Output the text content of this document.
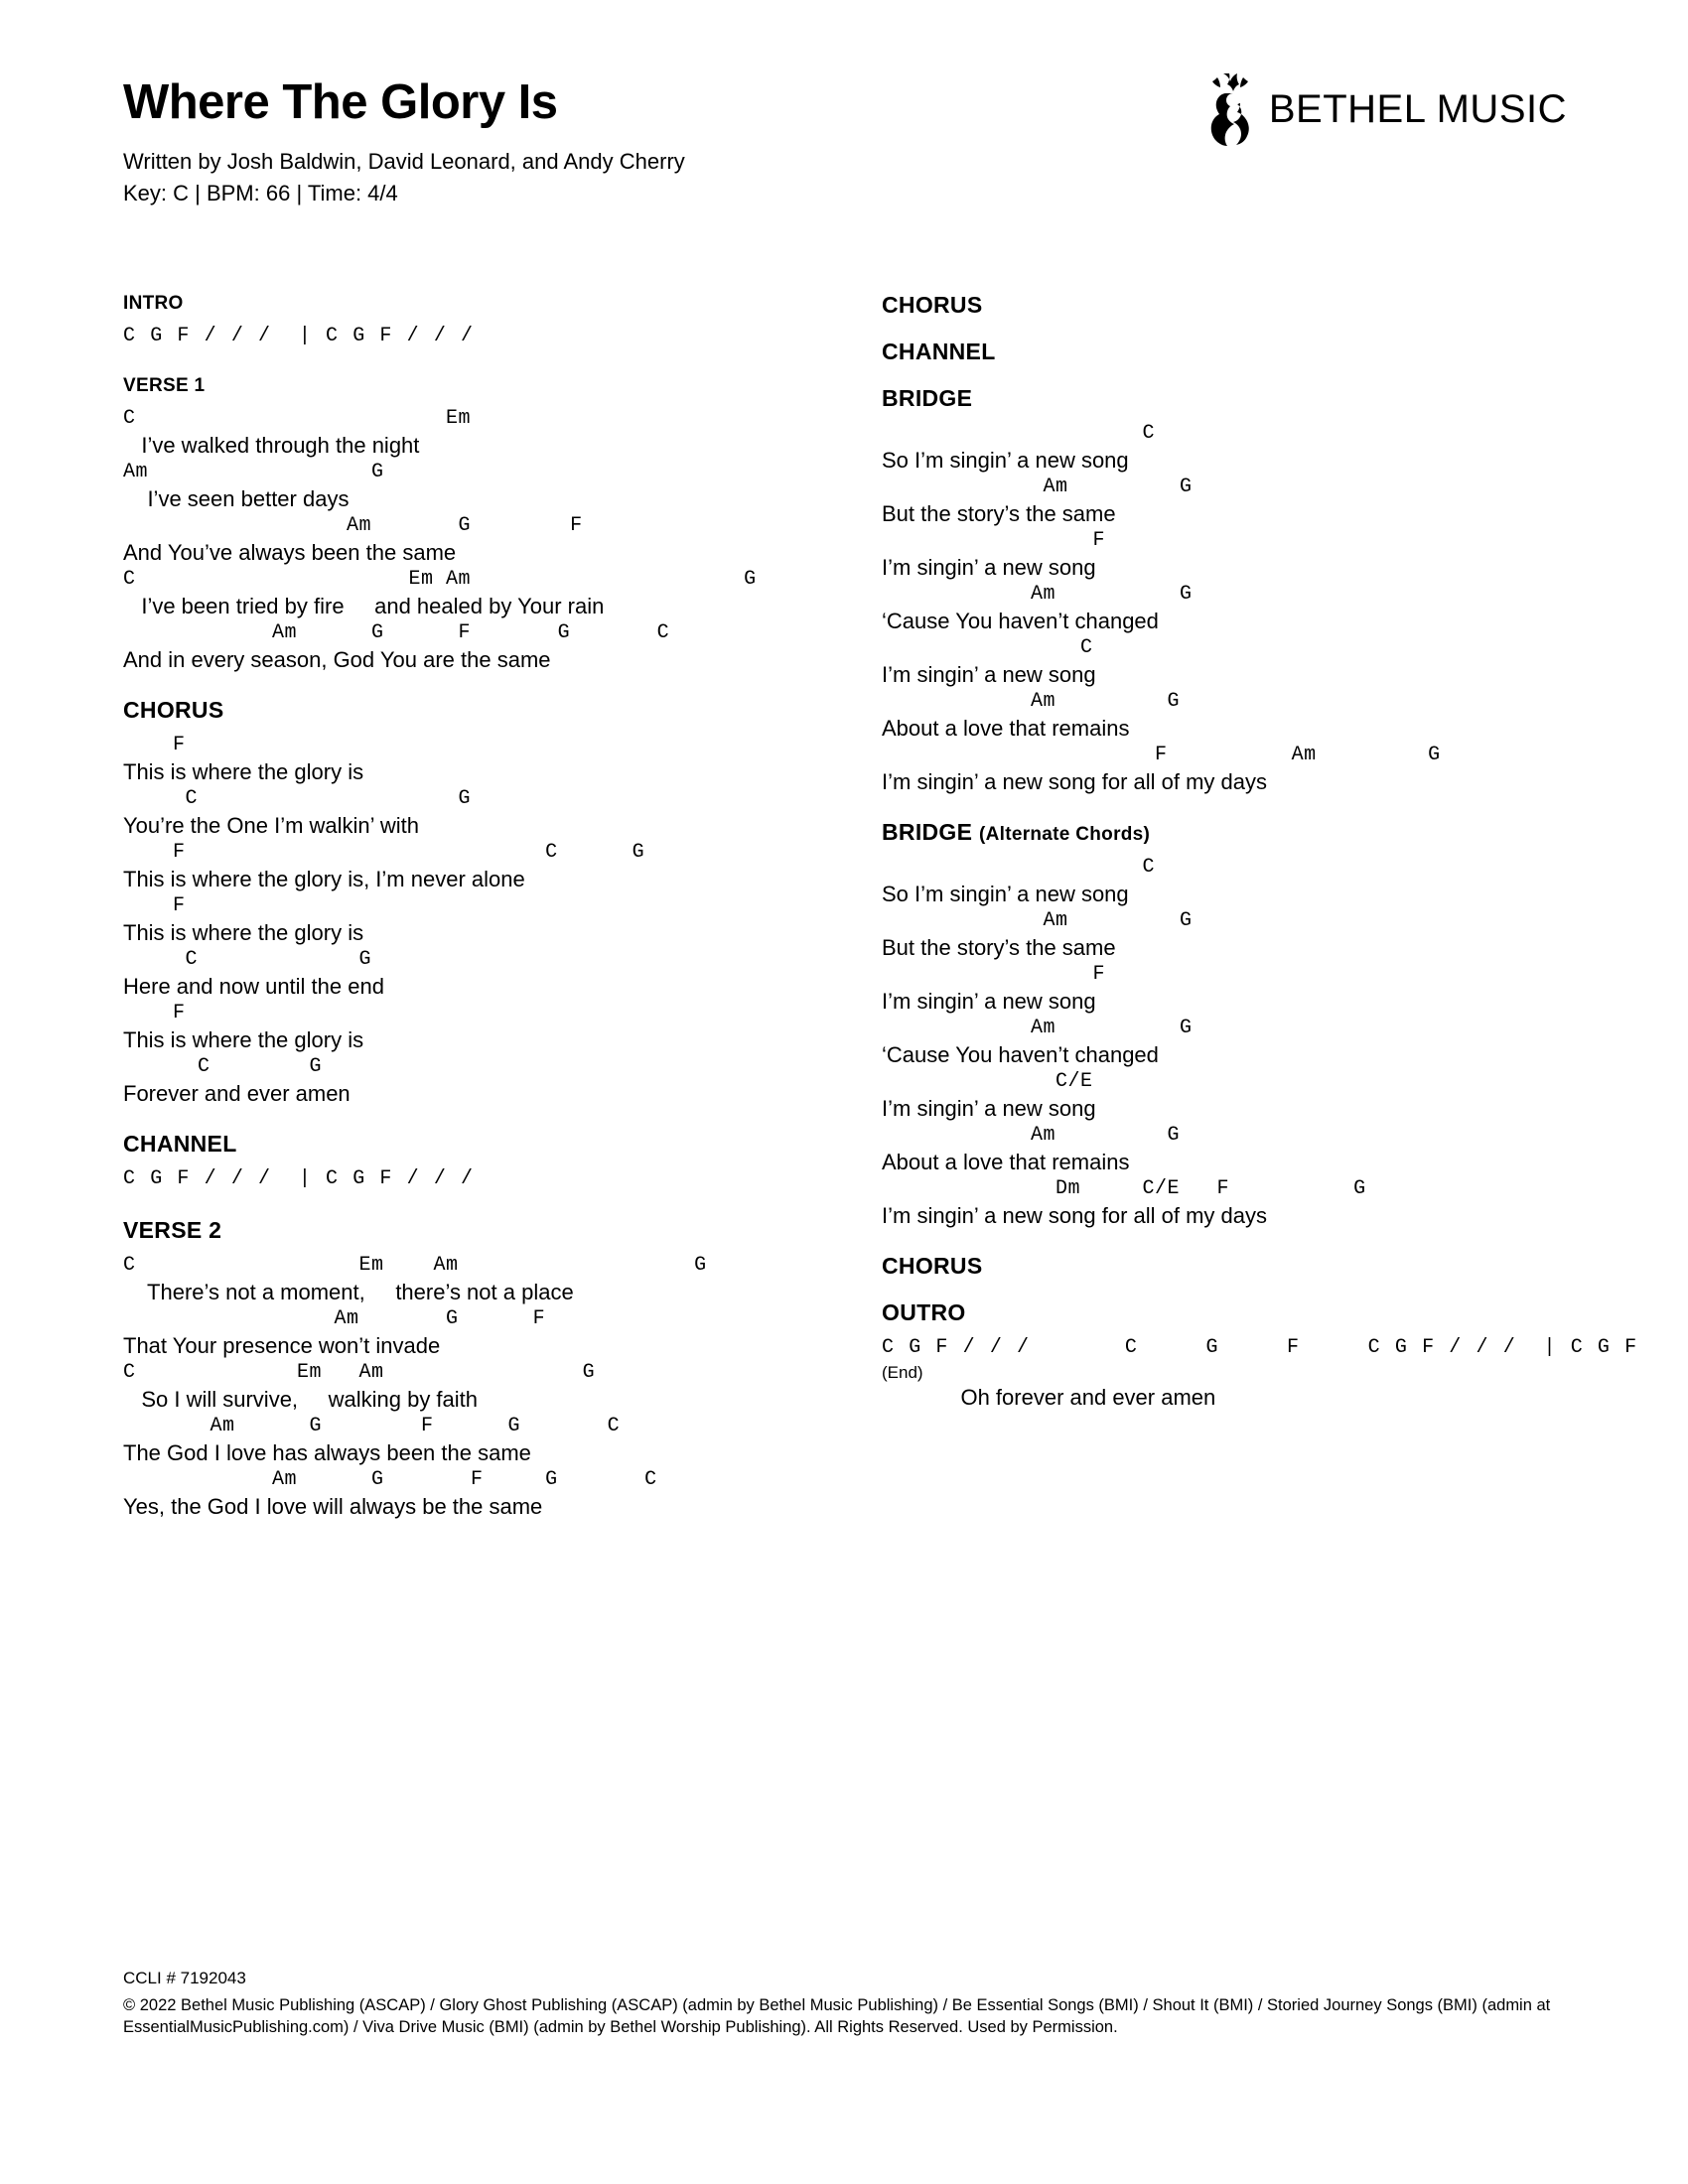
Where The Glory Is
Written by Josh Baldwin, David Leonard, and Andy Cherry
Key: C | BPM: 66 | Time: 4/4
BETHEL MUSIC
INTRO
C G F / / /  | C G F / / /
VERSE 1
C                         Em
I’ve walked through the night
Am                  G
I’ve seen better days
Am       G        F
And You’ve always been the same
C                      Em Am                      G
I’ve been tried by fire     and healed by Your rain
Am      G      F       G       C
And in every season, God You are the same
CHORUS
F
This is where the glory is
C                     G
You’re the One I’m walkin’ with
F                             C      G
This is where the glory is, I’m never alone
F
This is where the glory is
C             G
Here and now until the end
F
This is where the glory is
C        G
Forever and ever amen
CHANNEL
C G F / / /  | C G F / / /
VERSE 2
C                  Em    Am                   G
There’s not a moment,     there’s not a place
Am       G      F
That Your presence won’t invade
C             Em   Am                G
So I will survive,     walking by faith
Am      G        F      G       C
The God I love has always been the same
Am      G       F     G       C
Yes, the God I love will always be the same
CHORUS
CHANNEL
BRIDGE
C
So I’m singin’ a new song
Am         G
But the story’s the same
F
I’m singin’ a new song
Am          G
‘Cause You haven’t changed
C
I’m singin’ a new song
Am         G
About a love that remains
F          Am         G
I’m singin’ a new song for all of my days
BRIDGE (Alternate Chords)
C
So I’m singin’ a new song
Am         G
But the story’s the same
F
I’m singin’ a new song
Am          G
‘Cause You haven’t changed
C/E
I’m singin’ a new song
Am         G
About a love that remains
Dm     C/E   F          G
I’m singin’ a new song for all of my days
CHORUS
OUTRO
C G F / / /       C     G     F     C G F / / /  | C G F
(End)
Oh forever and ever amen
CCLI # 7192043
© 2022 Bethel Music Publishing (ASCAP) / Glory Ghost Publishing (ASCAP) (admin by Bethel Music Publishing) / Be Essential Songs (BMI) / Shout It (BMI) / Storied Journey Songs (BMI) (admin at EssentialMusicPublishing.com) / Viva Drive Music (BMI) (admin by Bethel Worship Publishing). All Rights Reserved. Used by Permission.
